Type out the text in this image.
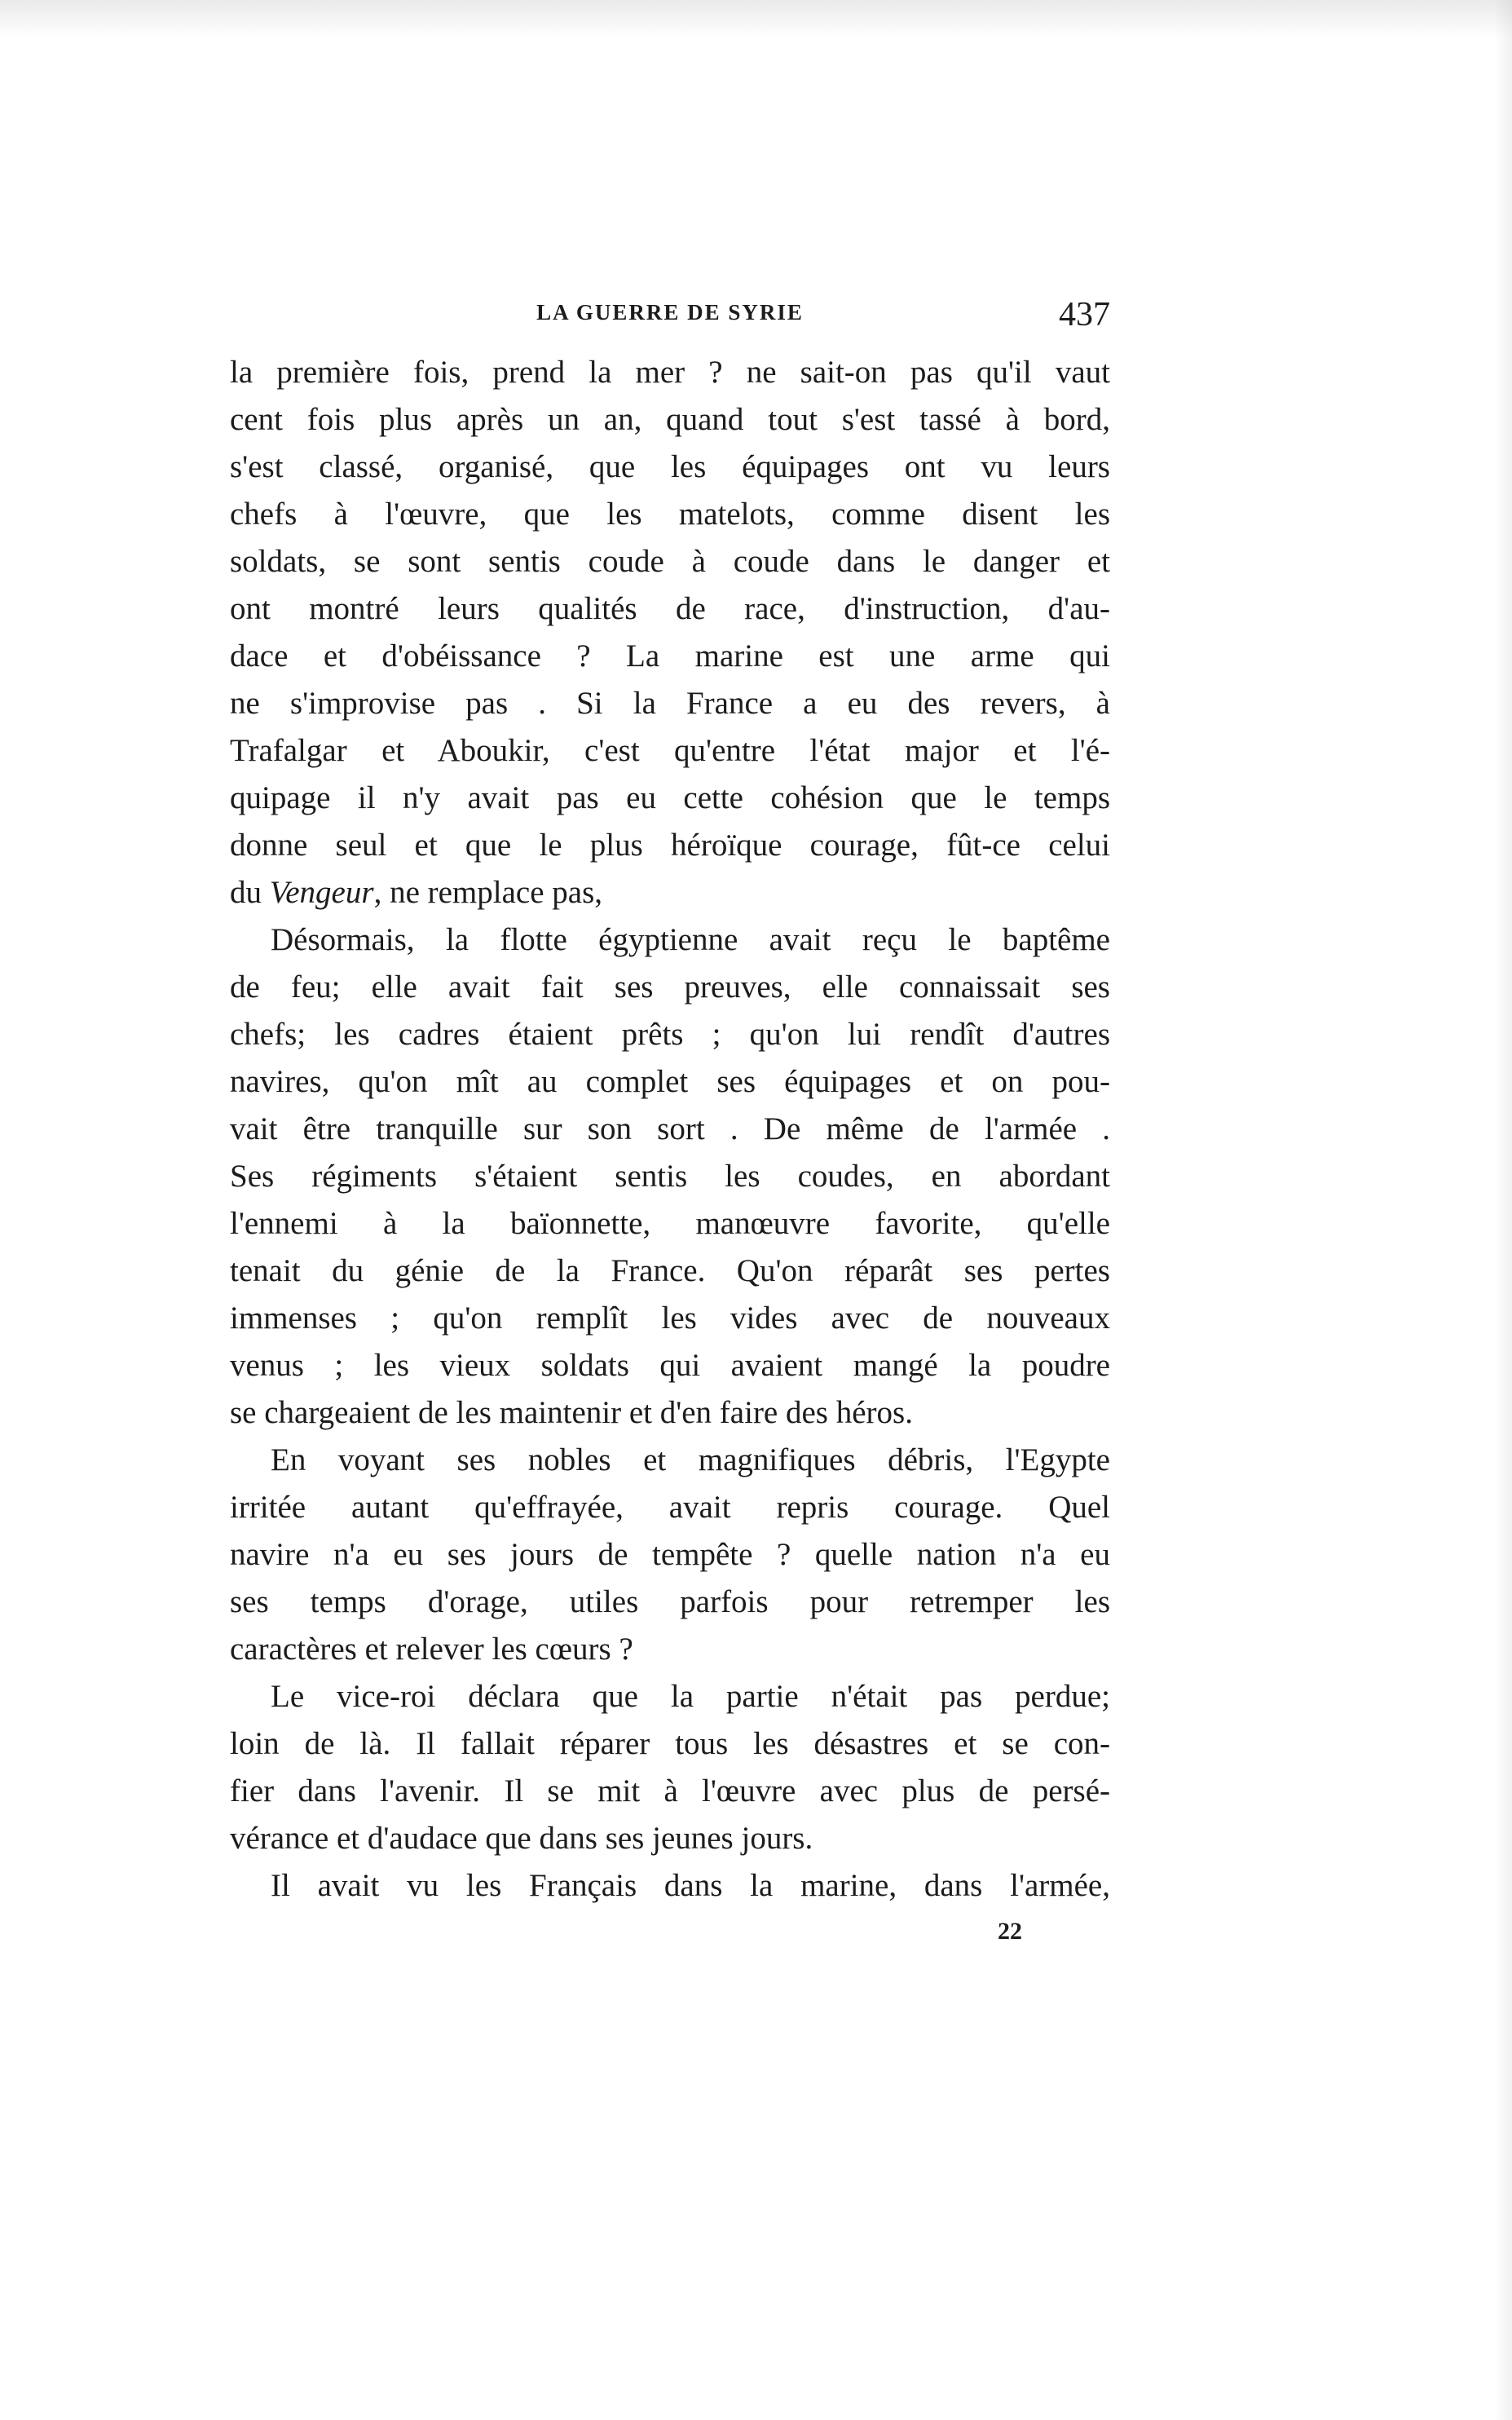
LA GUERRE DE SYRIE	437
la première fois, prend la mer ? ne sait-on pas qu'il vaut
cent fois plus après un an, quand tout s'est tassé à bord,
s'est classé, organisé, que les équipages ont vu leurs
chefs à l'œuvre, que les matelots, comme disent les
soldats, se sont sentis coude à coude dans le danger et
ont montré leurs qualités de race, d'instruction, d'au-
dace et d'obéissance ? La marine est une arme qui
ne s'improvise pas . Si la France a eu des revers, à
Trafalgar et Aboukir, c'est qu'entre l'état major et l'é-
quipage il n'y avait pas eu cette cohésion que le temps
donne seul et que le plus héroïque courage, fût-ce celui
du Vengeur, ne remplace pas,
Désormais, la flotte égyptienne avait reçu le baptême
de feu; elle avait fait ses preuves, elle connaissait ses
chefs; les cadres étaient prêts ; qu'on lui rendît d'autres
navires, qu'on mît au complet ses équipages et on pou-
vait être tranquille sur son sort . De même de l'armée .
Ses régiments s'étaient sentis les coudes, en abordant
l'ennemi à la baïonnette, manœuvre favorite, qu'elle
tenait du génie de la France. Qu'on réparât ses pertes
immenses ; qu'on remplît les vides avec de nouveaux
venus ; les vieux soldats qui avaient mangé la poudre
se chargeaient de les maintenir et d'en faire des héros.
En voyant ses nobles et magnifiques débris, l'Egypte
irritée autant qu'effrayée, avait repris courage. Quel
navire n'a eu ses jours de tempête ? quelle nation n'a eu
ses temps d'orage, utiles parfois pour retremper les
caractères et relever les cœurs ?
Le vice-roi déclara que la partie n'était pas perdue;
loin de là. Il fallait réparer tous les désastres et se con-
fier dans l'avenir. Il se mit à l'œuvre avec plus de persé-
vérance et d'audace que dans ses jeunes jours.
Il avait vu les Français dans la marine, dans l'armée,
22
